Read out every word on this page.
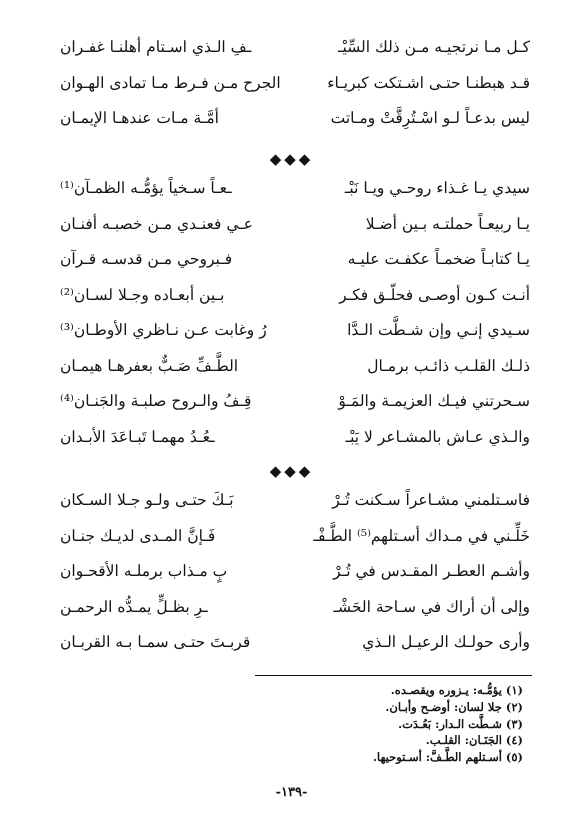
كـل مـا نرتجيـه مـن ذلك السِّيْـ
ـفِ الـذي اسـتام أهلنـا غفـران
قـد هبطنـا حتـى اشـتكت كبريـاء
الجرح مـن فـرط مـا تمادى الهـوان
ليس بدعـاً لـو اسْـتُرِقَّتْ ومـاتت
أمَّـة مـات عندهـا الإيمـان
◆◆◆
سيدي يـا غـذاء روحـي ويـا نَبْـ
ـعـاً سـخياً يؤمُّـه الظمـآن⁽¹⁾
يـا ربيعـاً حملتـه بـين أضـلا
عـي فعنـدي مـن خصبـه أفنـان
يـا كتابـاً ضخمـاً عكفـت عليـه
فـبروحي مـن قدسـه قـرآن
أنـت كـون أوصـى فحلّـق فكـر
بـين أبعـاده وجـلا لسـان⁽²⁾
سـيدي إنـي وإن شـطَّت الـدَّا
رُ وغابت عـن نـاظري الأوطـان⁽³⁾
ذلـك القلـب ذائـب برمـال
الطَّـفِّ صَـبٌّ بعفرهـا هيمـان
سـحرتني فيـك العزيمـة والمَـوْ
قِـفُ والـروح صلبـة والجَنـان⁽⁴⁾
والـذي عـاش بالمشـاعر لا يَبْـ
ـعُـدُ مهمـا تَبـاعَدَ الأبـدان
◆◆◆
فاسـتلمني مشـاعراً سـكنت تُـرْ
بَـكَ حتـى ولـو جـلا السـكان
خَلِّـني في مـداك أسـتلهم⁽⁵⁾ الطَّـفْـ
فَـإنَّ المـدى لديـك جنـان
وأشـم العطـر المقـدس في تُـرْ
بٍ مـذاب برملـه الأقحـوان
وإلى أن أراك في سـاحة الحَشْـ
ـرِ بظـلٍّ يمـدُّه الرحمـن
وأرى حولـك الرعيـل الـذي
قربـتَ حتـى سمـا بـه القربـان
(١) يؤمُّـه: يـزوره ويقصـده.
(٢) جلا لسان: أوضـح وأبـان.
(٣) شـطَّت الـدار: بَعُـدَت.
(٤) الجَنَـان: القلـب.
(٥) أسـتلهم الطَّـفَّ: أسـتوحيها.
-١٣٩-
